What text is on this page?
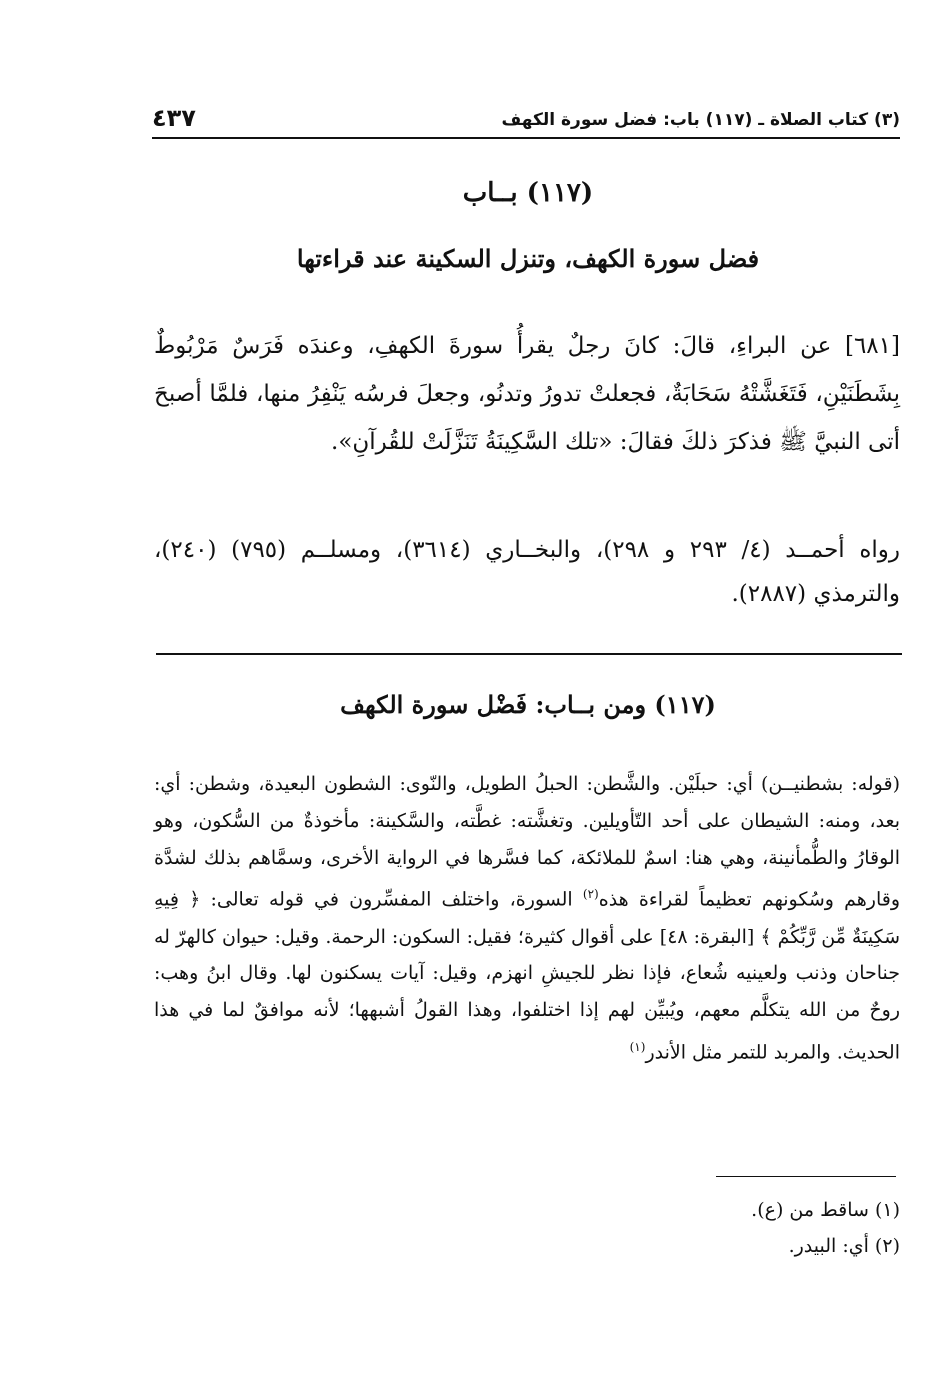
(٣) كتاب الصلاة ـ (١١٧) باب: فضل سورة الكهف
٤٣٧
(١١٧) بــاب
فضل سورة الكهف، وتنزل السكينة عند قراءتها
[٦٨١] عن البراءِ، قالَ: كانَ رجلٌ يقرأُ سورةَ الكهفِ، وعندَه فَرَسٌ مَرْبُوطٌ بِشَطَنَيْنِ، فَتَغَشَّتْهُ سَحَابَةٌ، فجعلتْ تدورُ وتدنُو، وجعلَ فرسُه يَنْفِرُ منها، فلمَّا أصبحَ أتى النبيَّ ﷺ فذكرَ ذلكَ فقالَ: «تلك السَّكِينَةُ تَنَزَّلَتْ للقُرآنِ».
رواه أحمــد (٤/ ٢٩٣ و ٢٩٨)، والبخــاري (٣٦١٤)، ومسلــم (٧٩٥) (٢٤٠)، والترمذي (٢٨٨٧).
(١١٧) ومن بــاب: فَضْل سورة الكهف
(قوله: بشطنيــن) أي: حبلَيْن. والشَّطن: الحبلُ الطويل، والنّوى: الشطون البعيدة، وشطن: أي: بعد، ومنه: الشيطان على أحد التّأويلين. وتغشَّته: غطَّته، والسَّكينة: مأخوذةٌ من السُّكون، وهو الوقارُ والطُّمأنينة، وهي هنا: اسمٌ للملائكة، كما فسَّرها في الرواية الأخرى، وسمَّاهم بذلك لشدَّة وقارهم وسُكونهم تعظيماً لقراءة هذه$^{(٢)}$ السورة، واختلف المفسِّرون في قوله تعالى: ﴿ فِيهِ سَكِينَةٌ مِّن رَّبِّكُمْ ﴾ [البقرة: ٤٨] على أقوال كثيرة؛ فقيل: السكون: الرحمة. وقيل: حيوان كالهرّ له جناحان وذنب ولعينيه شُعاع، فإذا نظر للجيشِ انهزم، وقيل: آيات يسكنون لها. وقال ابنُ وهب: روحٌ من الله يتكلَّم معهم، ويُبيِّن لهم إذا اختلفوا، وهذا القولُ أشبهها؛ لأنه موافقٌ لما في هذا الحديث. والمربد للتمر مثل الأندر$^{(١)}$
(١) ساقط من (ع).
(٢) أي: البيدر.
